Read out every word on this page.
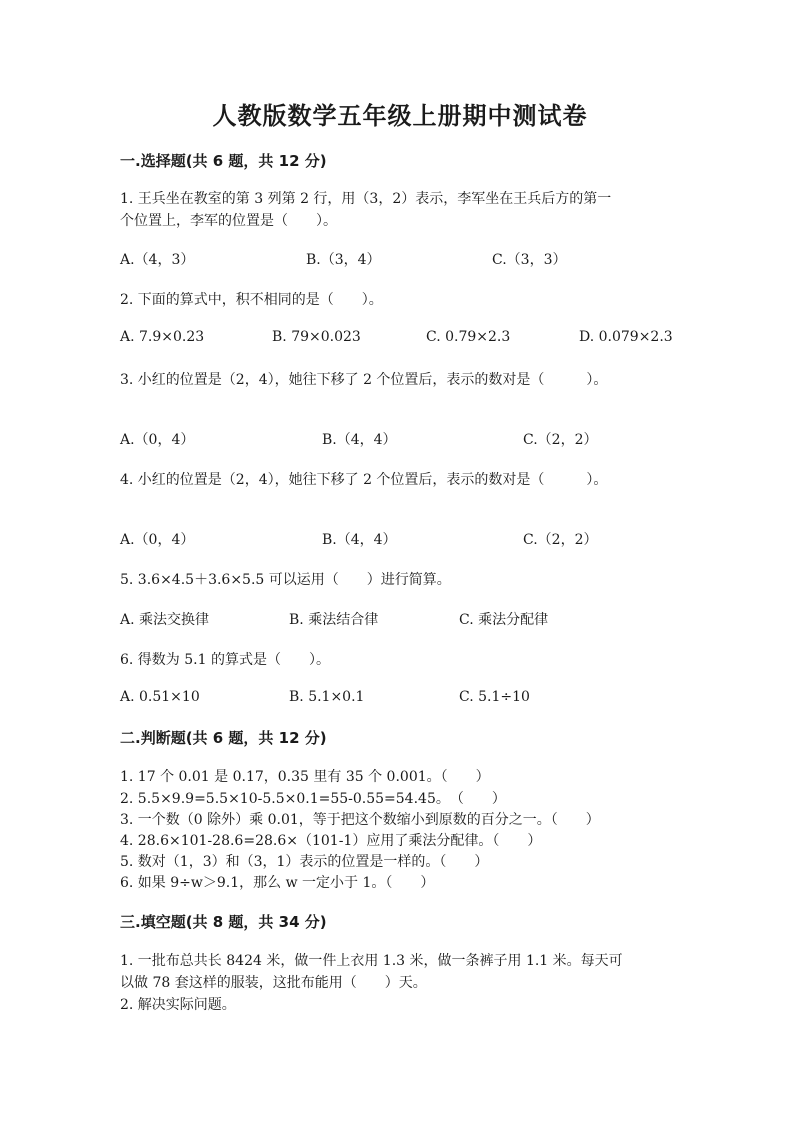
人教版数学五年级上册期中测试卷
一.选择题(共 6 题，共 12 分)
1. 王兵坐在教室的第 3 列第 2 行，用（3，2）表示，李军坐在王兵后方的第一
个位置上，李军的位置是（　　）。
A.（4，3）	B.（3，4）	C.（3，3）
2. 下面的算式中，积不相同的是（　　）。
A. 7.9×0.23	B. 79×0.023	C. 0.79×2.3	D. 0.079×2.3
3. 小红的位置是（2，4），她往下移了 2 个位置后，表示的数对是（　　　）。
A.（0，4）	B.（4，4）	C.（2，2）
4. 小红的位置是（2，4），她往下移了 2 个位置后，表示的数对是（　　　）。
A.（0，4）	B.（4，4）	C.（2，2）
5. 3.6×4.5＋3.6×5.5 可以运用（　　）进行简算。
A. 乘法交换律	B. 乘法结合律	C. 乘法分配律
6. 得数为 5.1 的算式是（　　）。
A. 0.51×10	B. 5.1×0.1	C. 5.1÷10
二.判断题(共 6 题，共 12 分)
1. 17 个 0.01 是 0.17，0.35 里有 35 个 0.001。（　　）
2. 5.5×9.9=5.5×10-5.5×0.1=55-0.55=54.45。　（　　）
3. 一个数（0 除外）乘 0.01，等于把这个数缩小到原数的百分之一。（　　）
4. 28.6×101-28.6=28.6×（101-1）应用了乘法分配律。（　　）
5. 数对（1，3）和（3，1）表示的位置是一样的。（　　）
6. 如果 9÷w＞9.1，那么 w 一定小于 1。（　　）
三.填空题(共 8 题，共 34 分)
1. 一批布总共长 8424 米，做一件上衣用 1.3 米，做一条裤子用 1.1 米。每天可
以做 78 套这样的服装，这批布能用（　　）天。
2. 解决实际问题。
